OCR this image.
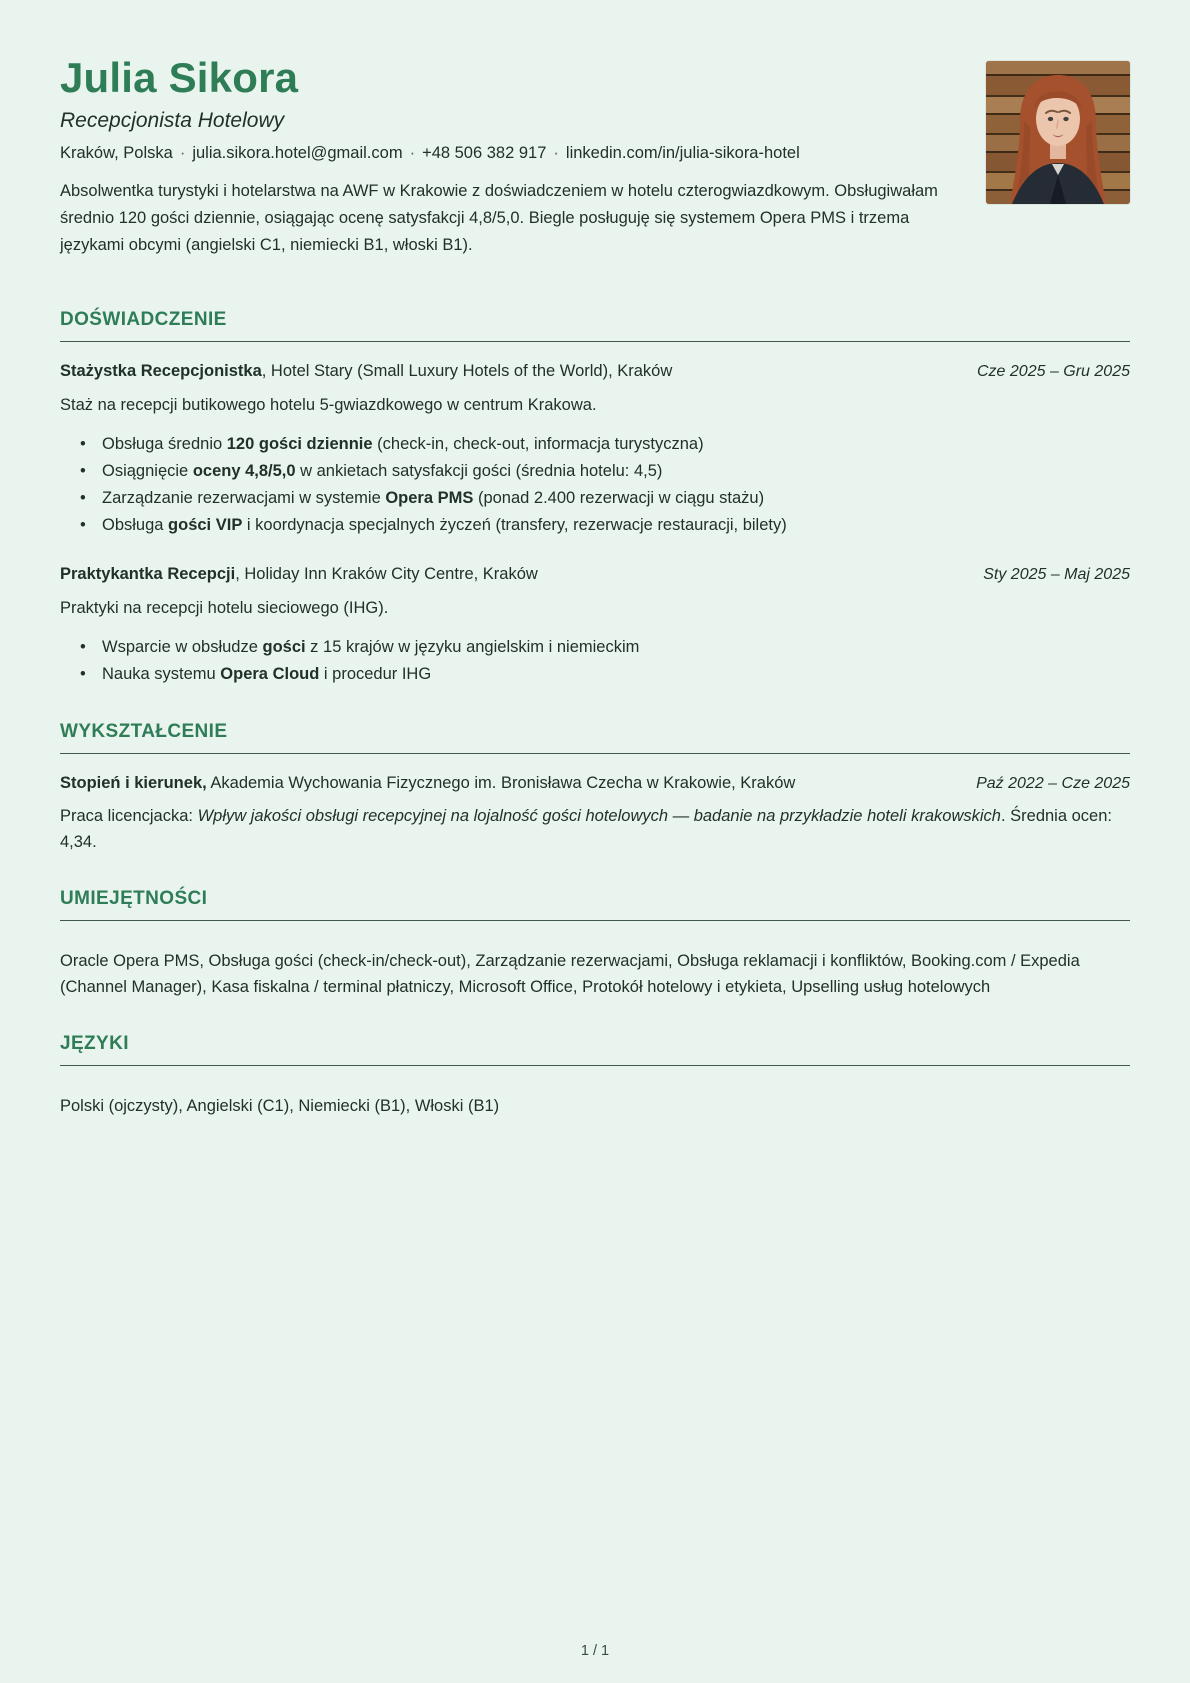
Julia Sikora
Recepcjonista Hotelowy
Kraków, Polska · julia.sikora.hotel@gmail.com · +48 506 382 917 · linkedin.com/in/julia-sikora-hotel

Absolwentka turystyki i hotelarstwa na AWF w Krakowie z doświadczeniem w hotelu czterogwiazdkowym. Obsługiwałam średnio 120 gości dziennie, osiągając ocenę satysfakcji 4,8/5,0. Biegle posługuję się systemem Opera PMS i trzema językami obcymi (angielski C1, niemiecki B1, włoski B1).

DOŚWIADCZENIE
Stażystka Recepcjonistka, Hotel Stary (Small Luxury Hotels of the World), Kraków	Cze 2025 – Gru 2025

Staż na recepcji butikowego hotelu 5-gwiazdkowego w centrum Krakowa.

• Obsługa średnio 120 gości dziennie (check-in, check-out, informacja turystyczna)
• Osiągnięcie oceny 4,8/5,0 w ankietach satysfakcji gości (średnia hotelu: 4,5)
• Zarządzanie rezerwacjami w systemie Opera PMS (ponad 2.400 rezerwacji w ciągu stażu)
• Obsługa gości VIP i koordynacja specjalnych życzeń (transfery, rezerwacje restauracji, bilety)
Praktykantka Recepcji, Holiday Inn Kraków City Centre, Kraków	Sty 2025 – Maj 2025

Praktyki na recepcji hotelu sieciowego (IHG).

• Wsparcie w obsłudze gości z 15 krajów w języku angielskim i niemieckim
• Nauka systemu Opera Cloud i procedur IHG
WYKSZTAŁCENIE
Stopień i kierunek, Akademia Wychowania Fizycznego im. Bronisława Czecha w Krakowie, Kraków	Paź 2022 – Cze 2025

Praca licencjacka: Wpływ jakości obsługi recepcyjnej na lojalność gości hotelowych — badanie na przykładzie hoteli krakowskich. Średnia ocen: 4,34.

UMIEJĘTNOŚCI

Oracle Opera PMS, Obsługa gości (check-in/check-out), Zarządzanie rezerwacjami, Obsługa reklamacji i konfliktów, Booking.com / Expedia (Channel Manager), Kasa fiskalna / terminal płatniczy, Microsoft Office, Protokół hotelowy i etykieta, Upselling usług hotelowych

JĘZYKI

Polski (ojczysty), Angielski (C1), Niemiecki (B1), Włoski (B1)

1 / 1
